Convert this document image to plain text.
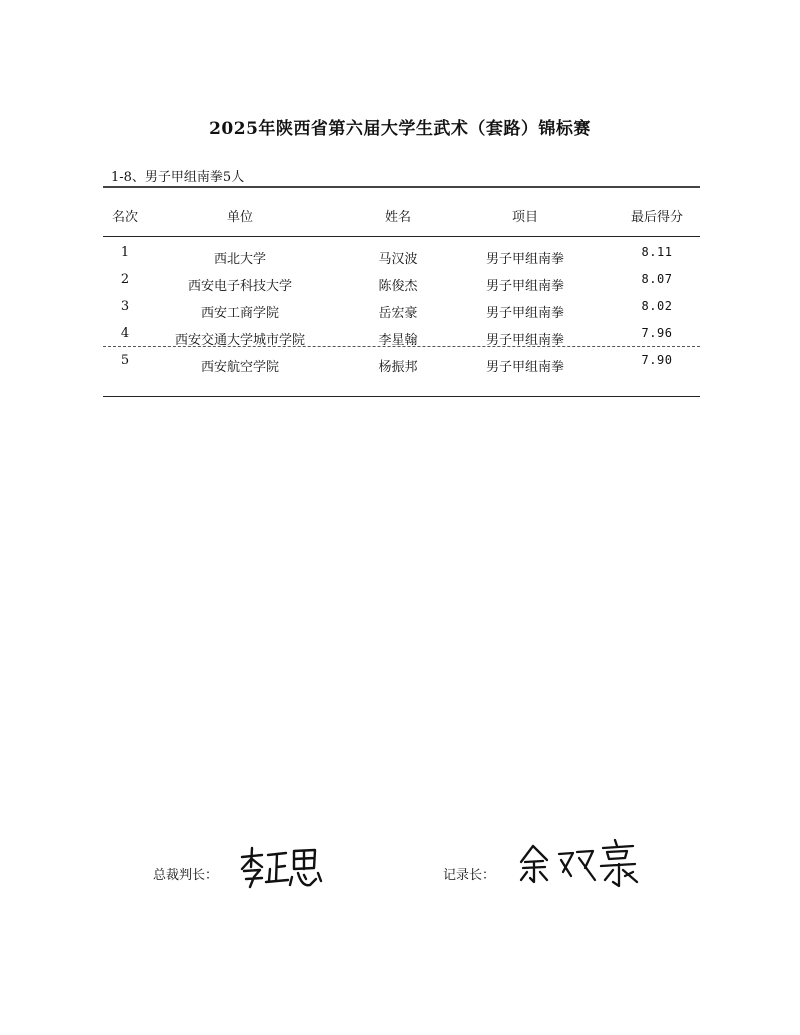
2025年陕西省第六届大学生武术（套路）锦标赛
1-8、男子甲组南拳5人
名次	单位	姓名	项目	最后得分
1	西北大学	马汉波	男子甲组南拳	8.11
2	西安电子科技大学	陈俊杰	男子甲组南拳	8.07
3	西安工商学院	岳宏豪	男子甲组南拳	8.02
4	西安交通大学城市学院	李星翰	男子甲组南拳	7.96
5	西安航空学院	杨振邦	男子甲组南拳	7.90
总裁判长：	记录长：
